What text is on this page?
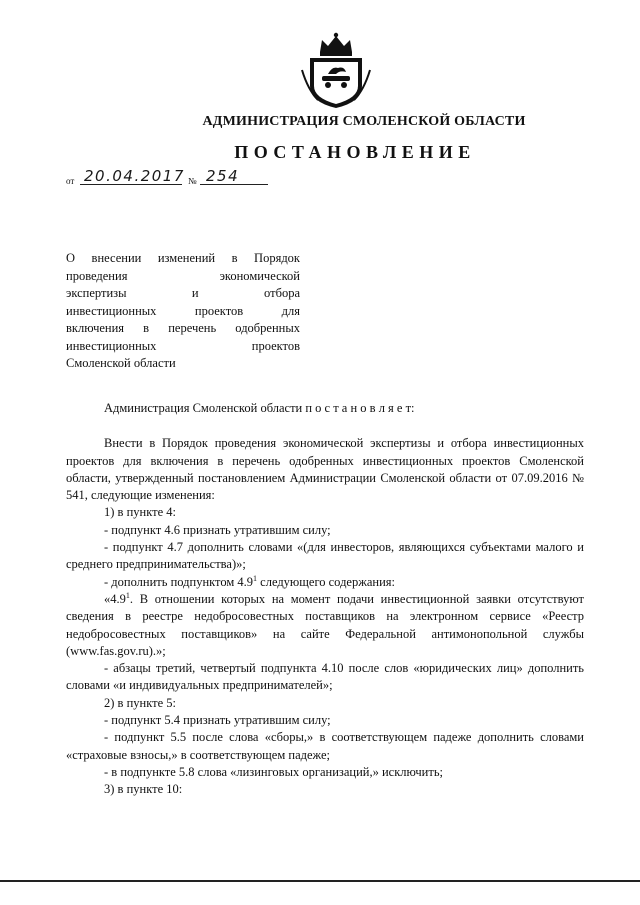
АДМИНИСТРАЦИЯ СМОЛЕНСКОЙ ОБЛАСТИ
ПОСТАНОВЛЕНИЕ
от 20.04.2017 № 254
О внесении изменений в Порядок
проведения экономической
экспертизы и отбора
инвестиционных проектов для
включения в перечень одобренных
инвестиционных проектов
Смоленской области

Администрация Смоленской области п о с т а н о в л я е т:

Внести в Порядок проведения экономической экспертизы и отбора инвестиционных проектов для включения в перечень одобренных инвестиционных проектов Смоленской области, утвержденный постановлением Администрации Смоленской области от 07.09.2016 № 541, следующие изменения:

1) в пункте 4:

- подпункт 4.6 признать утратившим силу;

- подпункт 4.7 дополнить словами «(для инвесторов, являющихся субъектами малого и среднего предпринимательства)»;

- дополнить подпунктом $4.9^1$ следующего содержания:

«$4.9^1$. В отношении которых на момент подачи инвестиционной заявки отсутствуют сведения в реестре недобросовестных поставщиков на электронном сервисе «Реестр недобросовестных поставщиков» на сайте Федеральной антимонопольной службы (www.fas.gov.ru).»;

- абзацы третий, четвертый подпункта 4.10 после слов «юридических лиц» дополнить словами «и индивидуальных предпринимателей»;

2) в пункте 5:

- подпункт 5.4 признать утратившим силу;

- подпункт 5.5 после слова «сборы,» в соответствующем падеже дополнить словами «страховые взносы,» в соответствующем падеже;

- в подпункте 5.8 слова «лизинговых организаций,» исключить;

3) в пункте 10:
